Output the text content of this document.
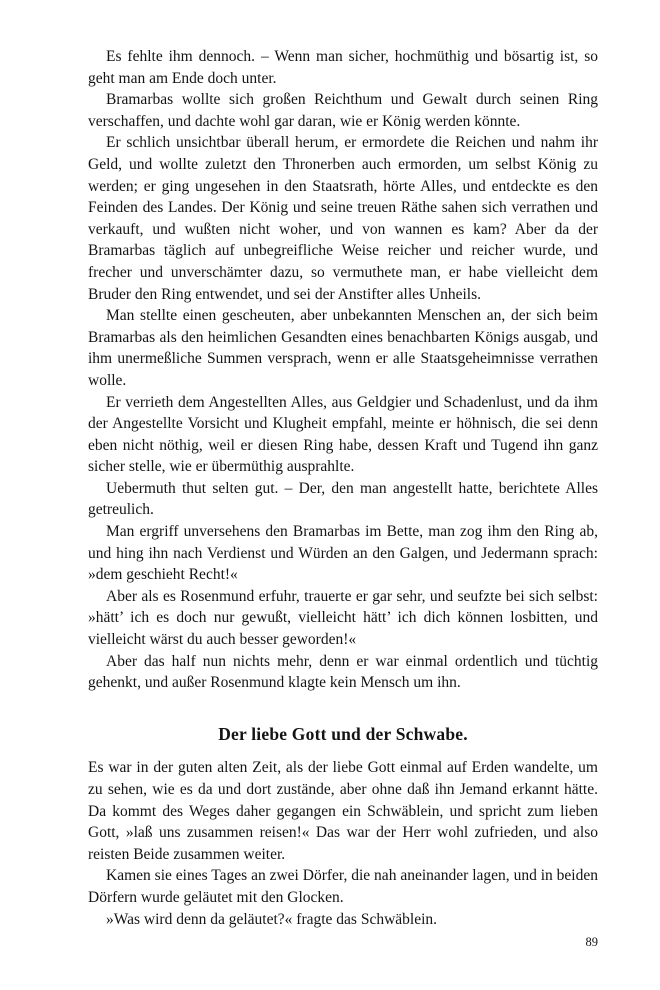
Es fehlte ihm dennoch. – Wenn man sicher, hochmüthig und bösartig ist, so geht man am Ende doch unter.

Bramarbas wollte sich großen Reichthum und Gewalt durch seinen Ring verschaffen, und dachte wohl gar daran, wie er König werden könnte.

Er schlich unsichtbar überall herum, er ermordete die Reichen und nahm ihr Geld, und wollte zuletzt den Thronerben auch ermorden, um selbst König zu werden; er ging ungesehen in den Staatsrath, hörte Alles, und entdeckte es den Feinden des Landes. Der König und seine treuen Räthe sahen sich verrathen und verkauft, und wußten nicht woher, und von wannen es kam? Aber da der Bramarbas täglich auf unbegreifliche Weise reicher und reicher wurde, und frecher und unverschämter dazu, so vermuthete man, er habe vielleicht dem Bruder den Ring entwendet, und sei der Anstifter alles Unheils.

Man stellte einen gescheuten, aber unbekannten Menschen an, der sich beim Bramarbas als den heimlichen Gesandten eines benachbarten Königs ausgab, und ihm unermeßliche Summen versprach, wenn er alle Staatsgeheimnisse verrathen wolle.

Er verrieth dem Angestellten Alles, aus Geldgier und Schadenlust, und da ihm der Angestellte Vorsicht und Klugheit empfahl, meinte er höhnisch, die sei denn eben nicht nöthig, weil er diesen Ring habe, dessen Kraft und Tugend ihn ganz sicher stelle, wie er übermüthig ausprahlte.

Uebermuth thut selten gut. – Der, den man angestellt hatte, berichtete Alles getreulich.

Man ergriff unversehens den Bramarbas im Bette, man zog ihm den Ring ab, und hing ihn nach Verdienst und Würden an den Galgen, und Jedermann sprach: »dem geschieht Recht!«

Aber als es Rosenmund erfuhr, trauerte er gar sehr, und seufzte bei sich selbst: »hätt’ ich es doch nur gewußt, vielleicht hätt’ ich dich können losbitten, und vielleicht wärst du auch besser geworden!«

Aber das half nun nichts mehr, denn er war einmal ordentlich und tüchtig gehenkt, und außer Rosenmund klagte kein Mensch um ihn.

Der liebe Gott und der Schwabe.

Es war in der guten alten Zeit, als der liebe Gott einmal auf Erden wandelte, um zu sehen, wie es da und dort zustände, aber ohne daß ihn Jemand erkannt hätte. Da kommt des Weges daher gegangen ein Schwäblein, und spricht zum lieben Gott, »laß uns zusammen reisen!« Das war der Herr wohl zufrieden, und also reisten Beide zusammen weiter.

Kamen sie eines Tages an zwei Dörfer, die nah aneinander lagen, und in beiden Dörfern wurde geläutet mit den Glocken.

»Was wird denn da geläutet?« fragte das Schwäblein.

89
